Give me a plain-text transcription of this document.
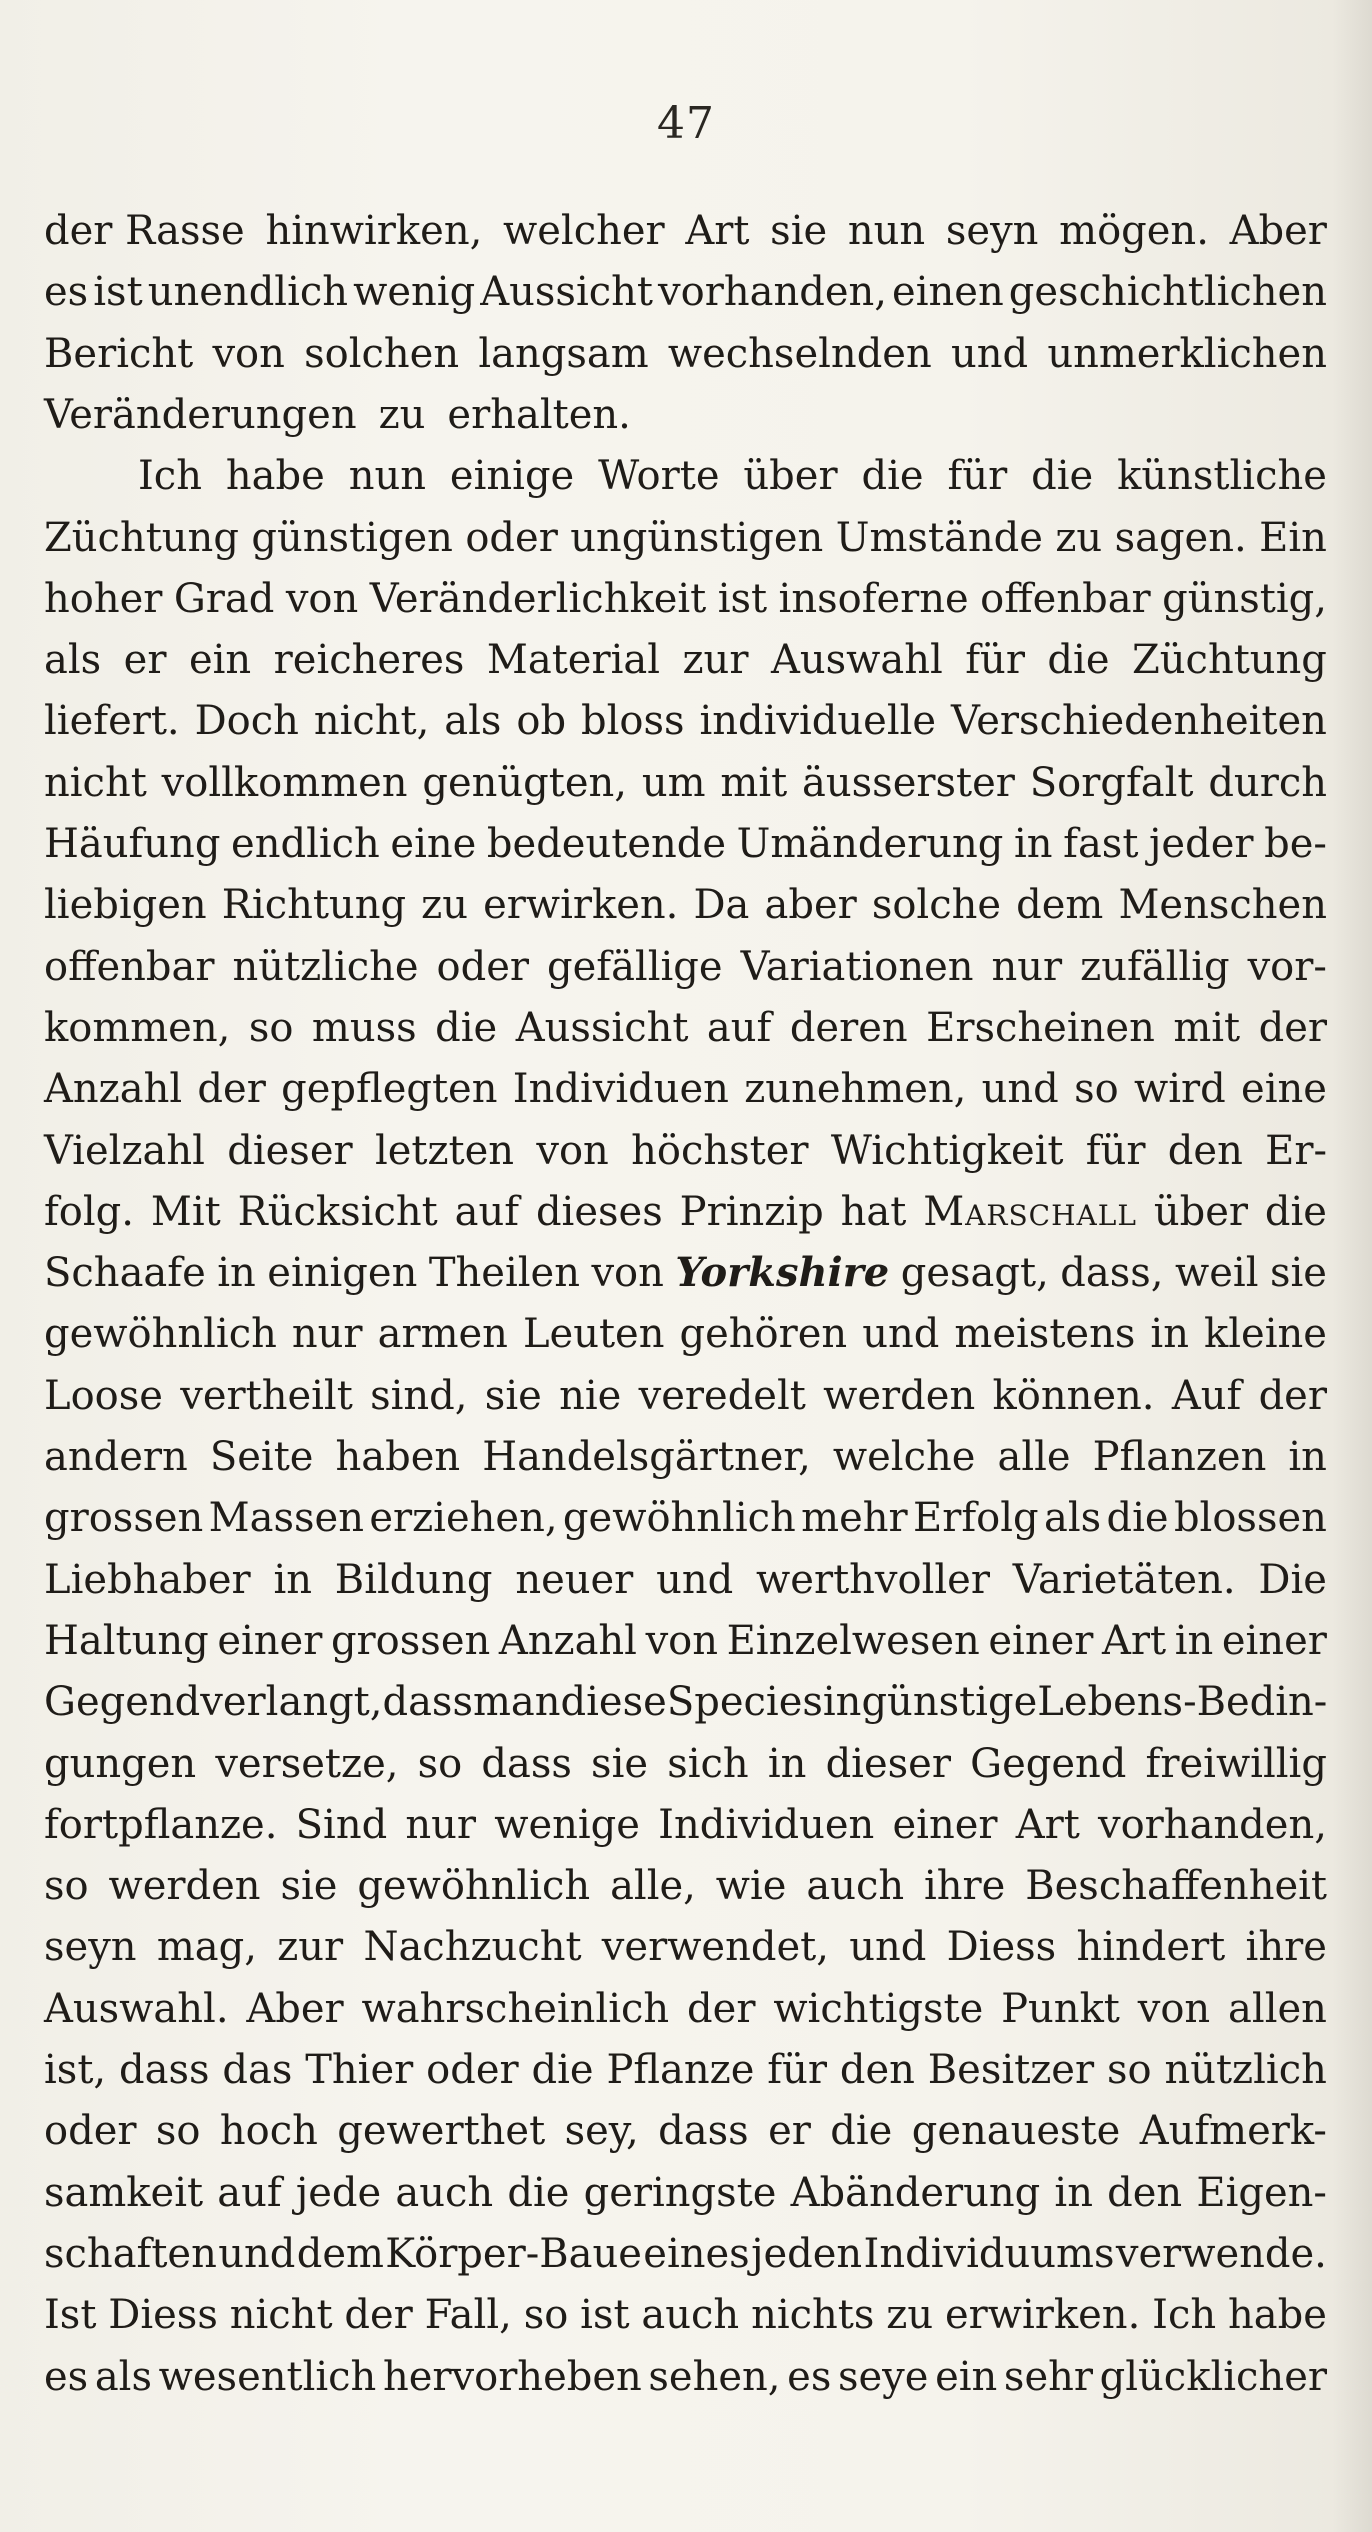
47
der Rasse hinwirken, welcher Art sie nun seyn mögen. Aber
es ist unendlich wenig Aussicht vorhanden, einen geschichtlichen
Bericht von solchen langsam wechselnden und unmerklichen
Veränderungen zu erhalten.
Ich habe nun einige Worte über die für die künstliche
Züchtung günstigen oder ungünstigen Umstände zu sagen. Ein
hoher Grad von Veränderlichkeit ist insoferne offenbar günstig,
als er ein reicheres Material zur Auswahl für die Züchtung
liefert. Doch nicht, als ob bloss individuelle Verschiedenheiten
nicht vollkommen genügten, um mit äusserster Sorgfalt durch
Häufung endlich eine bedeutende Umänderung in fast jeder be-
liebigen Richtung zu erwirken. Da aber solche dem Menschen
offenbar nützliche oder gefällige Variationen nur zufällig vor-
kommen, so muss die Aussicht auf deren Erscheinen mit der
Anzahl der gepflegten Individuen zunehmen, und so wird eine
Vielzahl dieser letzten von höchster Wichtigkeit für den Er-
folg. Mit Rücksicht auf dieses Prinzip hat Marschall über die
Schaafe in einigen Theilen von Yorkshire gesagt, dass, weil sie
gewöhnlich nur armen Leuten gehören und meistens in kleine
Loose vertheilt sind, sie nie veredelt werden können. Auf der
andern Seite haben Handelsgärtner, welche alle Pflanzen in
grossen Massen erziehen, gewöhnlich mehr Erfolg als die blossen
Liebhaber in Bildung neuer und werthvoller Varietäten. Die
Haltung einer grossen Anzahl von Einzelwesen einer Art in einer
Gegend verlangt, dass man diese Species in günstige Lebens-Bedin-
gungen versetze, so dass sie sich in dieser Gegend freiwillig
fortpflanze. Sind nur wenige Individuen einer Art vorhanden,
so werden sie gewöhnlich alle, wie auch ihre Beschaffenheit
seyn mag, zur Nachzucht verwendet, und Diess hindert ihre
Auswahl. Aber wahrscheinlich der wichtigste Punkt von allen
ist, dass das Thier oder die Pflanze für den Besitzer so nützlich
oder so hoch gewerthet sey, dass er die genaueste Aufmerk-
samkeit auf jede auch die geringste Abänderung in den Eigen-
schaften und dem Körper-Baue eines jeden Individuums verwende.
Ist Diess nicht der Fall, so ist auch nichts zu erwirken. Ich habe
es als wesentlich hervorheben sehen, es seye ein sehr glücklicher
